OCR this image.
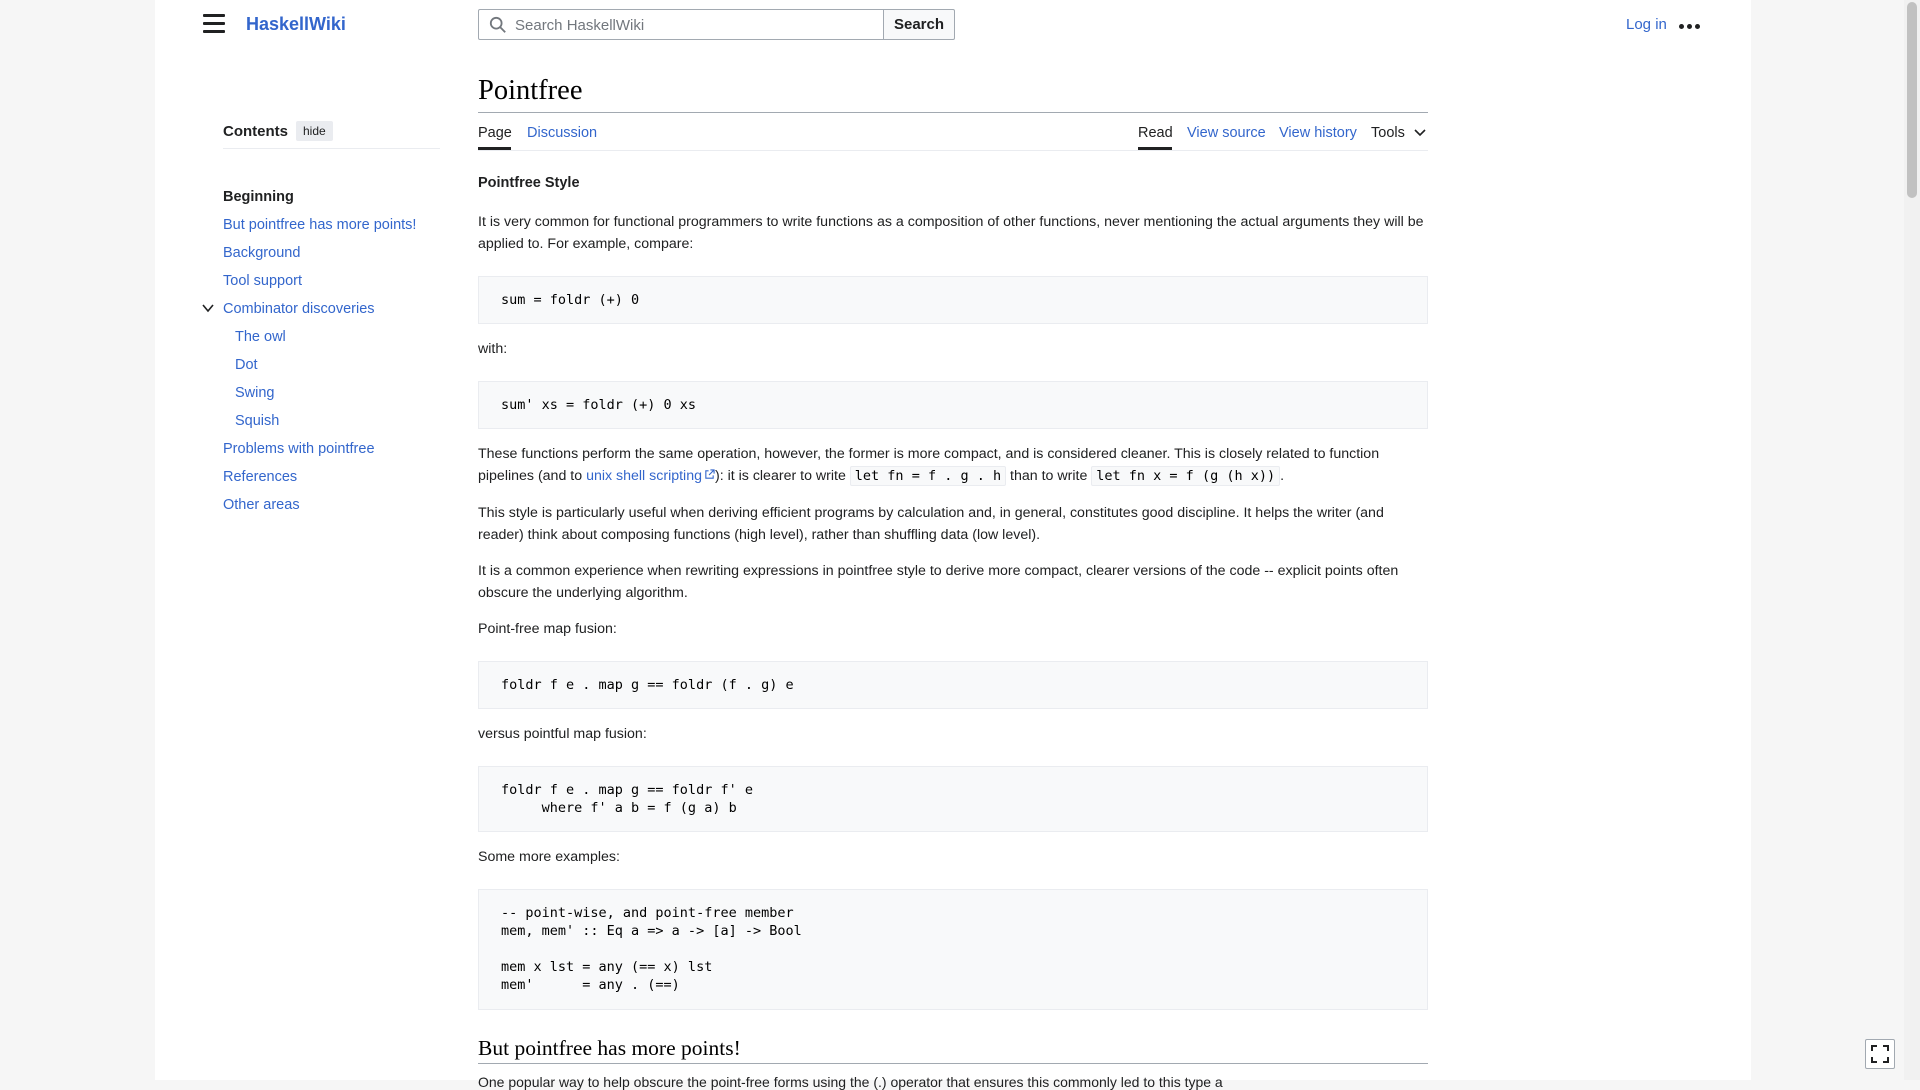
HaskellWiki
Search HaskellWiki	Search	Log in
Contents	hide
Beginning
But pointfree has more points!
Background
Tool support
Combinator discoveries
The owl
Dot
Swing
Squish
Problems with pointfree
References
Other areas
Pointfree
Page Discussion	Read View source View history Tools
Pointfree Style

It is very common for functional programmers to write functions as a composition of other functions, never mentioning the actual arguments they will be applied to. For example, compare:

sum = foldr (+) 0

with:

sum' xs = foldr (+) 0 xs

These functions perform the same operation, however, the former is more compact, and is considered cleaner. This is closely related to function pipelines (and to unix shell scripting ): it is clearer to write let fn = f . g . h than to write let fn x = f (g (h x)) .

This style is particularly useful when deriving efficient programs by calculation and, in general, constitutes good discipline. It helps the writer (and reader) think about composing functions (high level), rather than shuffling data (low level).

It is a common experience when rewriting expressions in pointfree style to derive more compact, clearer versions of the code -- explicit points often obscure the underlying algorithm.

Point-free map fusion:

foldr f e . map g == foldr (f . g) e

versus pointful map fusion:

foldr f e . map g == foldr f' e
where f' a b = f (g a) b

Some more examples:

-- point-wise, and point-free member
mem, mem' :: Eq a => a -> [a] -> Bool

mem x lst = any (== x) lst
mem'      = any . (==)
But pointfree has more points!
One popular way to help obscure the point-free forms using the (.) operator that ensures this commonly led to this type a
